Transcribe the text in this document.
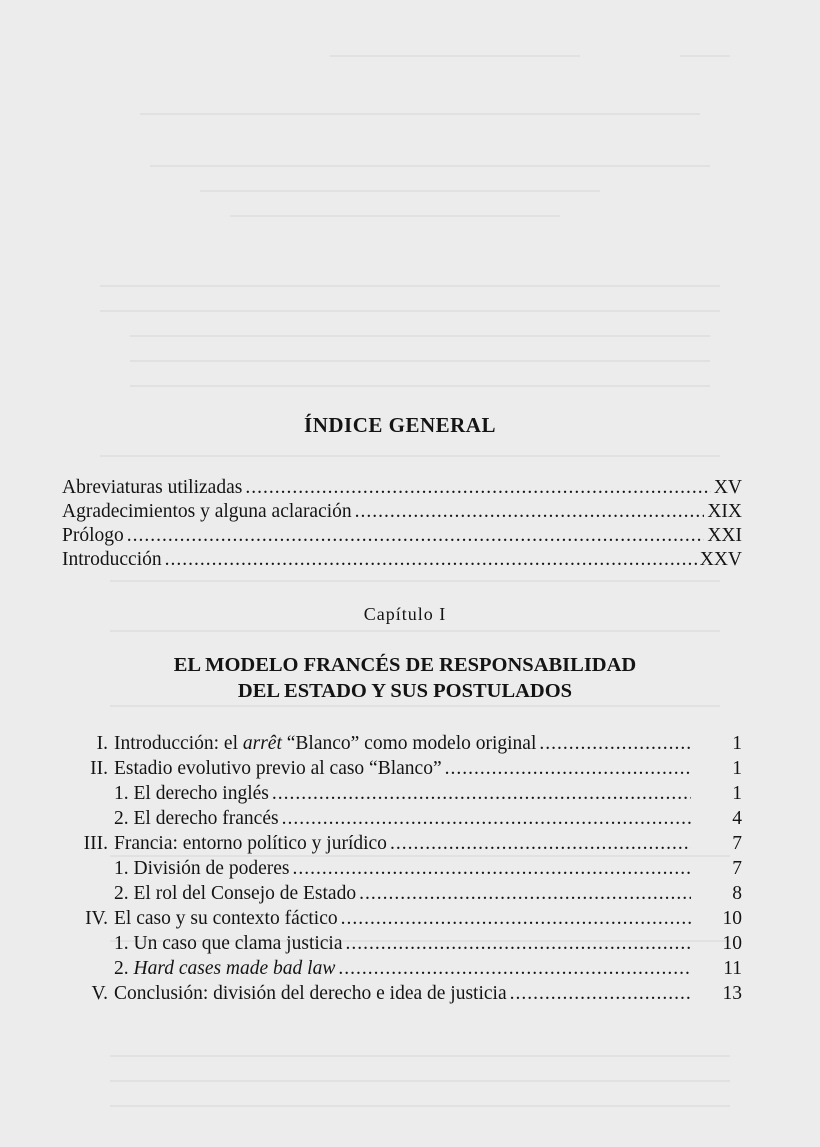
ÍNDICE GENERAL
Abreviaturas utilizadas .....	XV
Agradecimientos y alguna aclaración .....	XIX
Prólogo .....	XXI
Introducción .....	XXV
Capítulo I
EL MODELO FRANCÉS DE RESPONSABILIDAD
DEL ESTADO Y SUS POSTULADOS
I. Introducción: el arrêt “Blanco” como modelo original .....	1
II. Estadio evolutivo previo al caso “Blanco” .....	1
1. El derecho inglés .....	1
2. El derecho francés .....	4
III. Francia: entorno político y jurídico .....	7
1. División de poderes .....	7
2. El rol del Consejo de Estado .....	8
IV. El caso y su contexto fáctico .....	10
1. Un caso que clama justicia .....	10
2. Hard cases made bad law .....	11
V. Conclusión: división del derecho e idea de justicia .....	13
